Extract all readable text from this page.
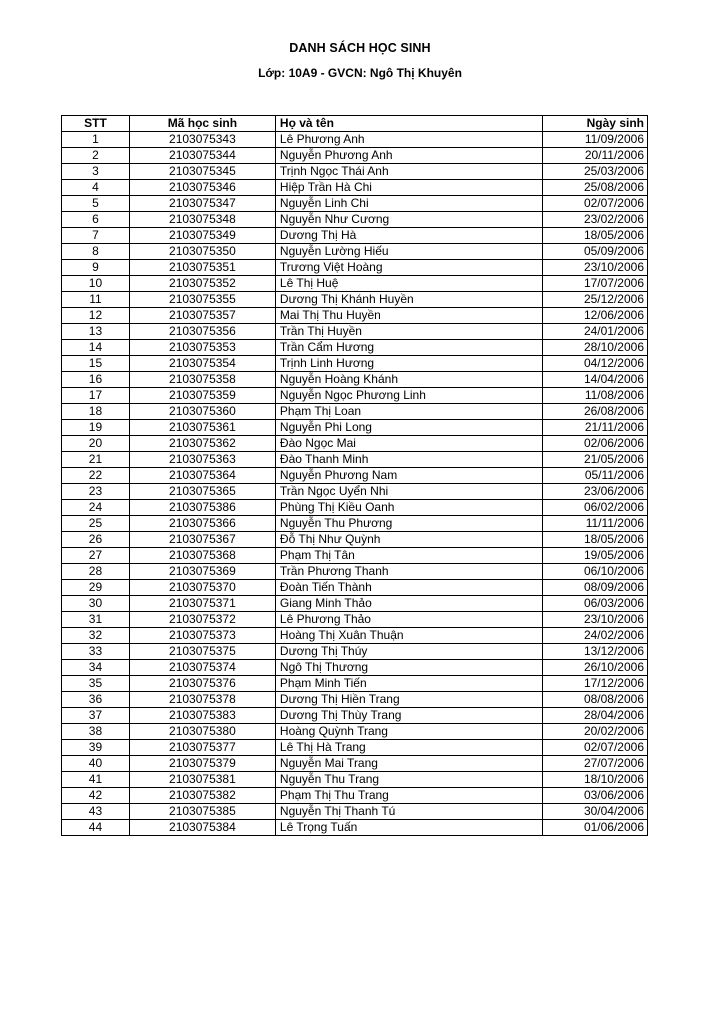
DANH SÁCH HỌC SINH
Lớp: 10A9 - GVCN: Ngô Thị Khuyên
STT	Mã học sinh	Họ và tên	Ngày sinh
1	2103075343	Lê Phương Anh	11/09/2006
2	2103075344	Nguyễn Phương Anh	20/11/2006
3	2103075345	Trịnh Ngọc Thái Anh	25/03/2006
4	2103075346	Hiệp Trần Hà Chi	25/08/2006
5	2103075347	Nguyễn Linh Chi	02/07/2006
6	2103075348	Nguyễn Như Cương	23/02/2006
7	2103075349	Dương Thị Hà	18/05/2006
8	2103075350	Nguyễn Lường Hiếu	05/09/2006
9	2103075351	Trương Việt Hoàng	23/10/2006
10	2103075352	Lê Thị Huệ	17/07/2006
11	2103075355	Dương Thị Khánh Huyền	25/12/2006
12	2103075357	Mai Thị Thu Huyền	12/06/2006
13	2103075356	Trần Thị Huyền	24/01/2006
14	2103075353	Trần Cẩm Hương	28/10/2006
15	2103075354	Trịnh Linh Hương	04/12/2006
16	2103075358	Nguyễn Hoàng Khánh	14/04/2006
17	2103075359	Nguyễn Ngọc Phương Linh	11/08/2006
18	2103075360	Phạm Thị Loan	26/08/2006
19	2103075361	Nguyễn Phi Long	21/11/2006
20	2103075362	Đào Ngọc Mai	02/06/2006
21	2103075363	Đào Thanh Minh	21/05/2006
22	2103075364	Nguyễn Phương Nam	05/11/2006
23	2103075365	Trần Ngọc Uyển Nhi	23/06/2006
24	2103075386	Phùng Thị Kiều Oanh	06/02/2006
25	2103075366	Nguyễn Thu Phương	11/11/2006
26	2103075367	Đỗ Thị Như Quỳnh	18/05/2006
27	2103075368	Phạm Thị Tân	19/05/2006
28	2103075369	Trần Phương Thanh	06/10/2006
29	2103075370	Đoàn Tiến Thành	08/09/2006
30	2103075371	Giang Minh Thảo	06/03/2006
31	2103075372	Lê Phương Thảo	23/10/2006
32	2103075373	Hoàng Thị Xuân Thuận	24/02/2006
33	2103075375	Dương Thị Thúy	13/12/2006
34	2103075374	Ngô Thị Thương	26/10/2006
35	2103075376	Phạm Minh Tiến	17/12/2006
36	2103075378	Dương Thị Hiền Trang	08/08/2006
37	2103075383	Dương Thị Thùy Trang	28/04/2006
38	2103075380	Hoàng Quỳnh Trang	20/02/2006
39	2103075377	Lê Thị Hà Trang	02/07/2006
40	2103075379	Nguyễn Mai Trang	27/07/2006
41	2103075381	Nguyễn Thu Trang	18/10/2006
42	2103075382	Phạm Thị Thu Trang	03/06/2006
43	2103075385	Nguyễn Thị Thanh Tú	30/04/2006
44	2103075384	Lê Trọng Tuấn	01/06/2006
